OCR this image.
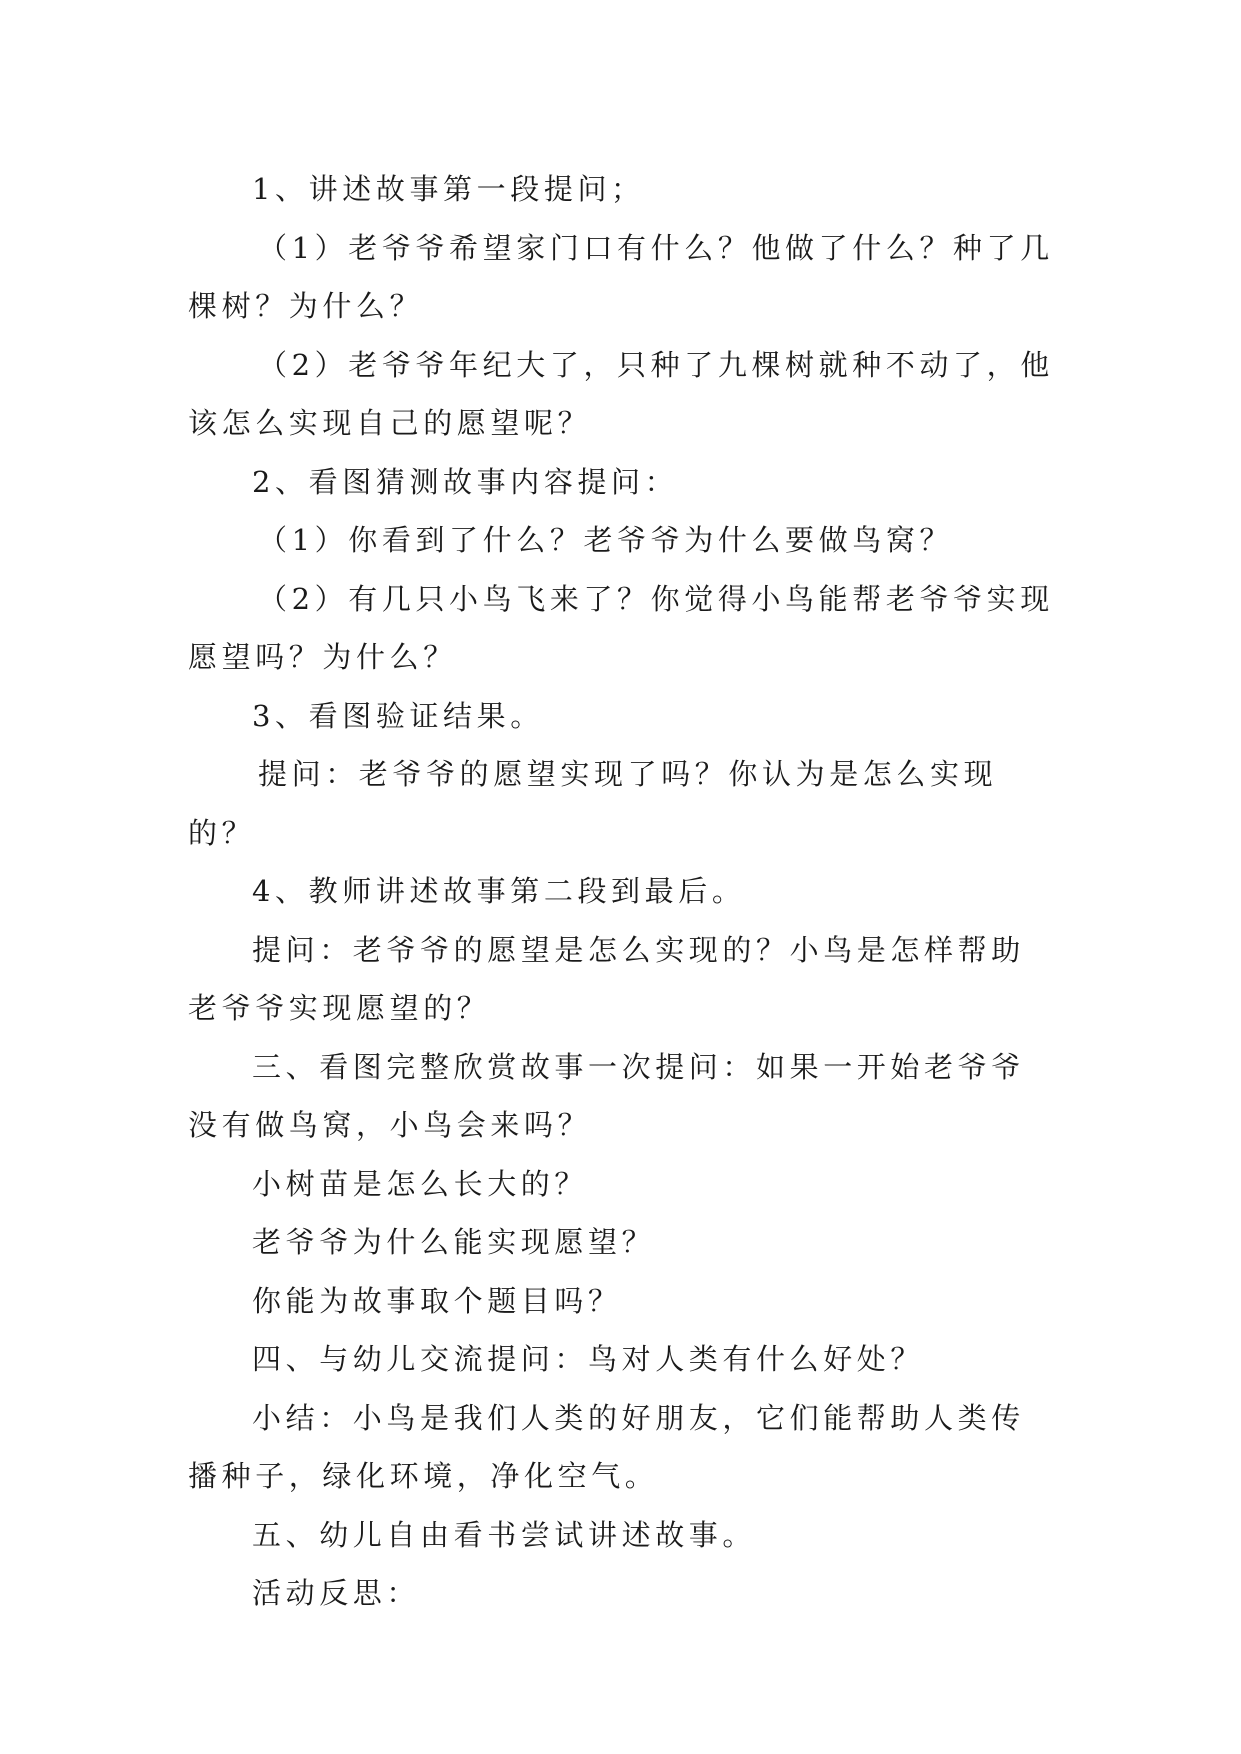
1、讲述故事第一段提问；

（1）老爷爷希望家门口有什么？他做了什么？种了几棵树？为什么？

（2）老爷爷年纪大了，只种了九棵树就种不动了，他该怎么实现自己的愿望呢？

2、看图猜测故事内容提问：

（1）你看到了什么？老爷爷为什么要做鸟窝？

（2）有几只小鸟飞来了？你觉得小鸟能帮老爷爷实现愿望吗？为什么？

3、看图验证结果。

提问：老爷爷的愿望实现了吗？你认为是怎么实现的？

4、教师讲述故事第二段到最后。

提问：老爷爷的愿望是怎么实现的？小鸟是怎样帮助老爷爷实现愿望的？

三、看图完整欣赏故事一次提问：如果一开始老爷爷没有做鸟窝，小鸟会来吗？

小树苗是怎么长大的？

老爷爷为什么能实现愿望？

你能为故事取个题目吗？

四、与幼儿交流提问：鸟对人类有什么好处？

小结：小鸟是我们人类的好朋友，它们能帮助人类传播种子，绿化环境，净化空气。

五、幼儿自由看书尝试讲述故事。

活动反思：
